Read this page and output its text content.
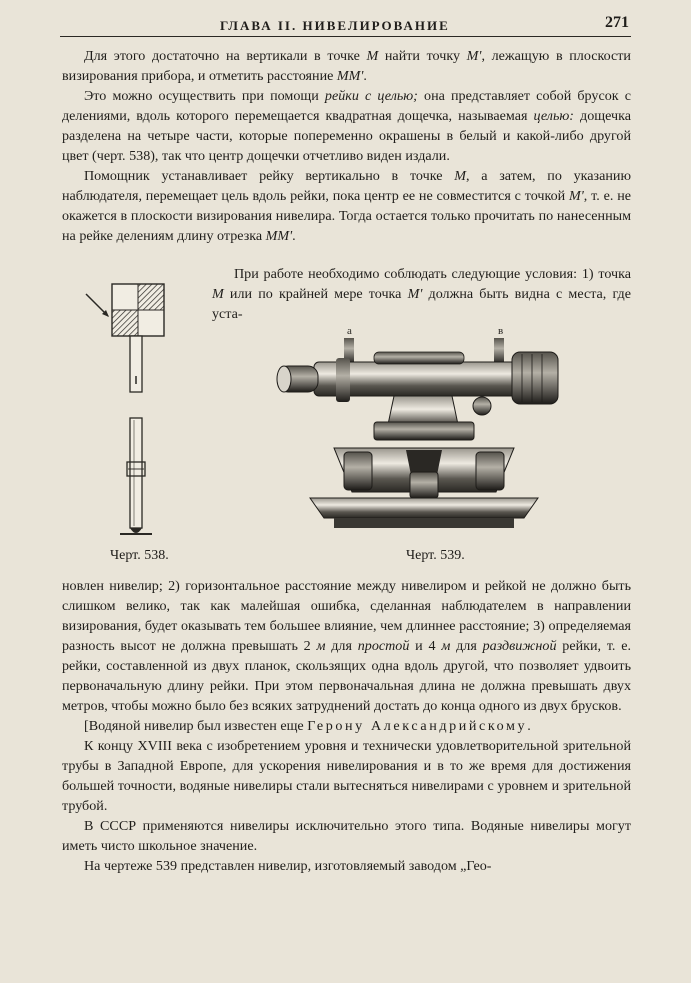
ГЛАВА II. НИВЕЛИРОВАНИЕ	271

Для этого достаточно на вертикали в точке M найти точку M', лежащую в плоскости визирования прибора, и отметить расстояние MM'.

Это можно осуществить при помощи рейки с целью; она представляет собой брусок с делениями, вдоль которого перемещается квадратная дощечка, называемая целью: дощечка разделена на четыре части, которые попеременно окрашены в белый и какой-либо другой цвет (черт. 538), так что центр дощечки отчетливо виден издали.

Помощник устанавливает рейку вертикально в точке M, а затем, по указанию наблюдателя, перемещает цель вдоль рейки, пока центр ее не совместится с точкой M', т. е. не окажется в плоскости визирования нивелира. Тогда остается только прочитать по нанесенным на рейке делениям длину отрезка MM'.

При работе необходимо соблюдать следующие условия: 1) точка M или по крайней мере точка M' должна быть видна с места, где уста-

a	в
Черт. 538.	Черт. 539.

новлен нивелир; 2) горизонтальное расстояние между нивелиром и рейкой не должно быть слишком велико, так как малейшая ошибка, сделанная наблюдателем в направлении визирования, будет оказывать тем большее влияние, чем длиннее расстояние; 3) определяемая разность высот не должна превышать 2 м для простой и 4 м для раздвижной рейки, т. е. рейки, составленной из двух планок, скользящих одна вдоль другой, что позволяет удвоить первоначальную длину рейки. При этом первоначальная длина не должна превышать двух метров, чтобы можно было без всяких затруднений достать до конца одного из двух брусков.

[Водяной нивелир был известен еще Герону Александрийскому.

К концу XVIII века с изобретением уровня и технически удовлетворительной зрительной трубы в Западной Европе, для ускорения нивелирования и в то же время для достижения большей точности, водяные нивелиры стали вытесняться нивелирами с уровнем и зрительной трубой.

В СССР применяются нивелиры исключительно этого типа. Водяные нивелиры могут иметь чисто школьное значение.

На чертеже 539 представлен нивелир, изготовляемый заводом „Гео-
